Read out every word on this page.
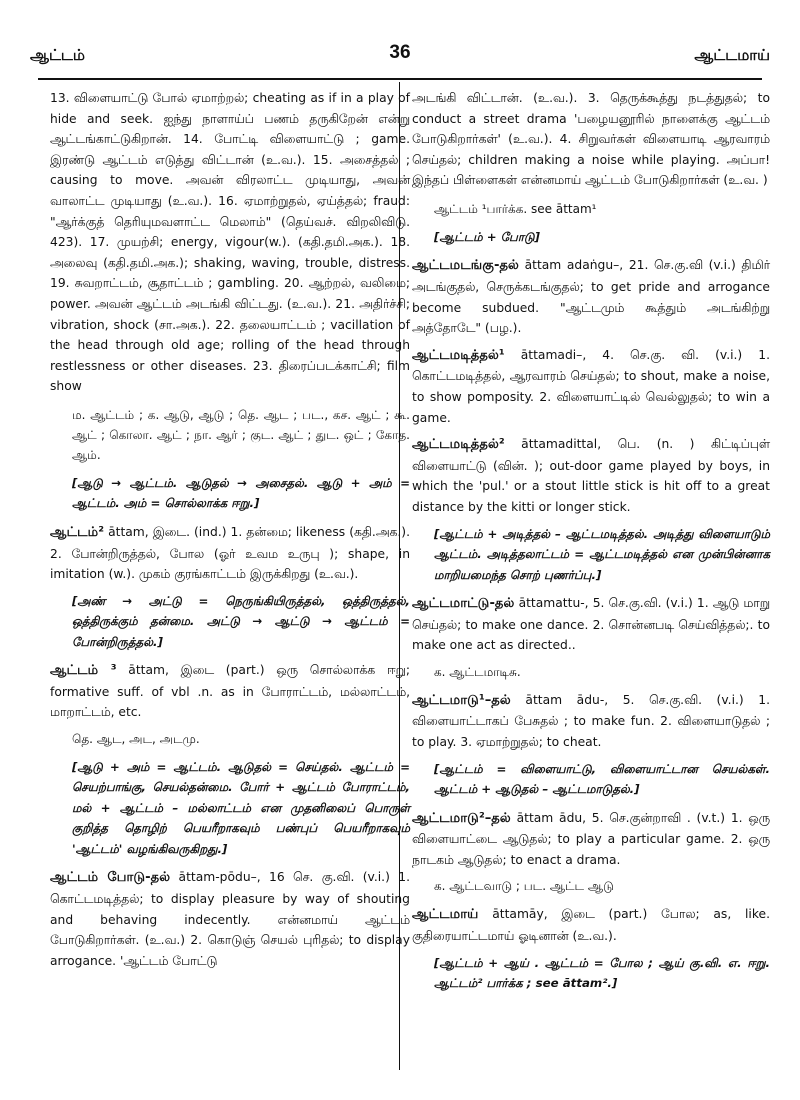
ஆட்டம்	36	ஆட்டமாய்
13. விளையாட்டு போல் ஏமாற்றல்; cheating as if in a play of hide and seek. ஐந்து நாளாய்ப் பணம் தருகிறேன் என்று ஆட்டங்காட்டுகிறான். 14. போட்டி விளையாட்டு ; game. இரண்டு ஆட்டம் எடுத்து விட்டான் (உ.வ.). 15. அசைத்தல் ; causing to move. அவன் விரலாட்ட முடியாது, அவன் வாலாட்ட முடியாது (உ.வ.). 16. ஏமாற்றுதல், ஏய்த்தல்; fraud: "ஆர்க்குத் தெரியுமவளாட்ட மெலாம்" (தெய்வச். விறலிவிடு. 423). 17. முயற்சி; energy, vigour(w.). (கதி.தமி.அக.). 18. அலைவு (கதி.தமி.அக.); shaking, waving, trouble, distress. 19. சுவறாட்டம், சூதாட்டம் ; gambling. 20. ஆற்றல், வலிமை; power. அவன் ஆட்டம் அடங்கி விட்டது. (உ.வ.). 21. அதிர்ச்சி; vibration, shock (சா.அக.). 22. தலையாட்டம் ; vacillation of the head through old age; rolling of the head through restlessness or other diseases. 23. திரைப்படக்காட்சி; film show
ம. ஆட்டம் ; க. ஆடு, ஆடு ; தெ. ஆட ; பட., கச. ஆட் ; கூ. ஆட் ; கொலா. ஆட் ; நா. ஆர் ; குட. ஆட் ; துட. ஒட் ; கோத. ஆம்.
[ஆடு → ஆட்டம். ஆடுதல் → அசைதல். ஆடு + அம் = ஆட்டம். அம் = சொல்லாக்க ஈறு.]
ஆட்டம்² āttam, இடை. (ind.) 1. தன்மை; likeness (கதி.அக.). 2. போன்றிருத்தல், போல (ஓர் உவம உருபு ); shape, in imitation (w.). முகம் குரங்காட்டம் இருக்கிறது (உ.வ.).
[அண் → அட்டு = நெருங்கியிருத்தல், ஒத்திருத்தல், ஒத்திருக்கும் தன்மை. அட்டு → ஆட்டு → ஆட்டம் = போன்றிருத்தல்.]
ஆட்டம் ³ āttam, இடை (part.) ஒரு சொல்லாக்க ஈறு; formative suff. of vbl .n. as in போராட்டம், மல்லாட்டம், மாறாட்டம், etc.
தெ. ஆட, அட, அடமு.
[ஆடு + அம் = ஆட்டம். ஆடுதல் = செய்தல். ஆட்டம் = செயற்பாங்கு, செயல்தன்மை. போர் + ஆட்டம் போராட்டம், மல் + ஆட்டம் – மல்லாட்டம் என முதனிலைப் பொருள் குறித்த தொழிற் பெயரீறாகவும் பண்புப் பெயரீறாகவும் 'ஆட்டம்' வழங்கிவருகிறது.]
ஆட்டம் போடு-தல் āttam-pōdu–, 16 செ. கு.வி. (v.i.) 1. கொட்டமடித்தல்; to display pleasure by way of shouting and behaving indecently. என்னமாய் ஆட்டம் போடுகிறார்கள். (உ.வ.) 2. கொடுஞ் செயல் புரிதல்; to display arrogance. 'ஆட்டம் போட்டு
அடங்கி விட்டான். (உ.வ.). 3. தெருக்கூத்து நடத்துதல்; to conduct a street drama 'பழையனூரில் நாளைக்கு ஆட்டம் போடுகிறார்கள்' (உ.வ.). 4. சிறுவர்கள் விளையாடி ஆரவாரம் செய்தல்; children making a noise while playing. அப்பா! இந்தப் பிள்ளைகள் என்னமாய் ஆட்டம் போடுகிறார்கள் (உ.வ. )
ஆட்டம் ¹பார்க்க. see āttam¹
[ஆட்டம் + போடு]
ஆட்டமடங்கு-தல் āttam adaṅgu–, 21. செ.கு.வி (v.i.) திமிர் அடங்குதல், செருக்கடங்குதல்; to get pride and arrogance become subdued. "ஆட்டமும் கூத்தும் அடங்கிற்று அத்தோடே" (பழ.).
ஆட்டமடித்தல்¹ āttamadi–, 4. செ.கு. வி. (v.i.) 1. கொட்டமடித்தல், ஆரவாரம் செய்தல்; to shout, make a noise, to show pomposity. 2. விளையாட்டில் வெல்லுதல்; to win a game.
ஆட்டமடித்தல்² āttamadittal, பெ. (n. ) கிட்டிப்புள் விளையாட்டு (வின். ); out-door game played by boys, in which the 'pul.' or a stout little stick is hit off to a great distance by the kitti or longer stick.
[ஆட்டம் + அடித்தல் – ஆட்டமடித்தல். அடித்து விளையாடும் ஆட்டம். அடித்தலாட்டம் = ஆட்டமடித்தல் என முன்பின்னாக மாறியமைந்த சொற் புணர்ப்பு.]
ஆட்டமாட்டு-தல் āttamattu-, 5. செ.கு.வி. (v.i.) 1. ஆடு மாறு செய்தல்; to make one dance. 2. சொன்னபடி செய்வித்தல்;. to make one act as directed..
க. ஆட்டமாடிசு.
ஆட்டமாடு¹–தல் āttam ādu-, 5. செ.கு.வி. (v.i.) 1. விளையாட்டாகப் பேசுதல் ; to make fun. 2. விளையாடுதல் ; to play. 3. ஏமாற்றுதல்; to cheat.
[ஆட்டம் = விளையாட்டு, விளையாட்டான செயல்கள். ஆட்டம் + ஆடுதல் – ஆட்டமாடுதல்.]
ஆட்டமாடு²–தல் āttam ādu, 5. செ.குன்றாவி . (v.t.) 1. ஒரு விளையாட்டை ஆடுதல்; to play a particular game. 2. ஒரு நாடகம் ஆடுதல்; to enact a drama.
க. ஆட்டவாடு ; பட. ஆட்ட ஆடு
ஆட்டமாய் āttamāy, இடை (part.) போல; as, like. குதிரையாட்டமாய் ஓடினான் (உ.வ.).
[ஆட்டம் + ஆய் . ஆட்டம் = போல ; ஆய் கு.வி. எ. ஈறு. ஆட்டம்² பார்க்க ; see āttam².]
